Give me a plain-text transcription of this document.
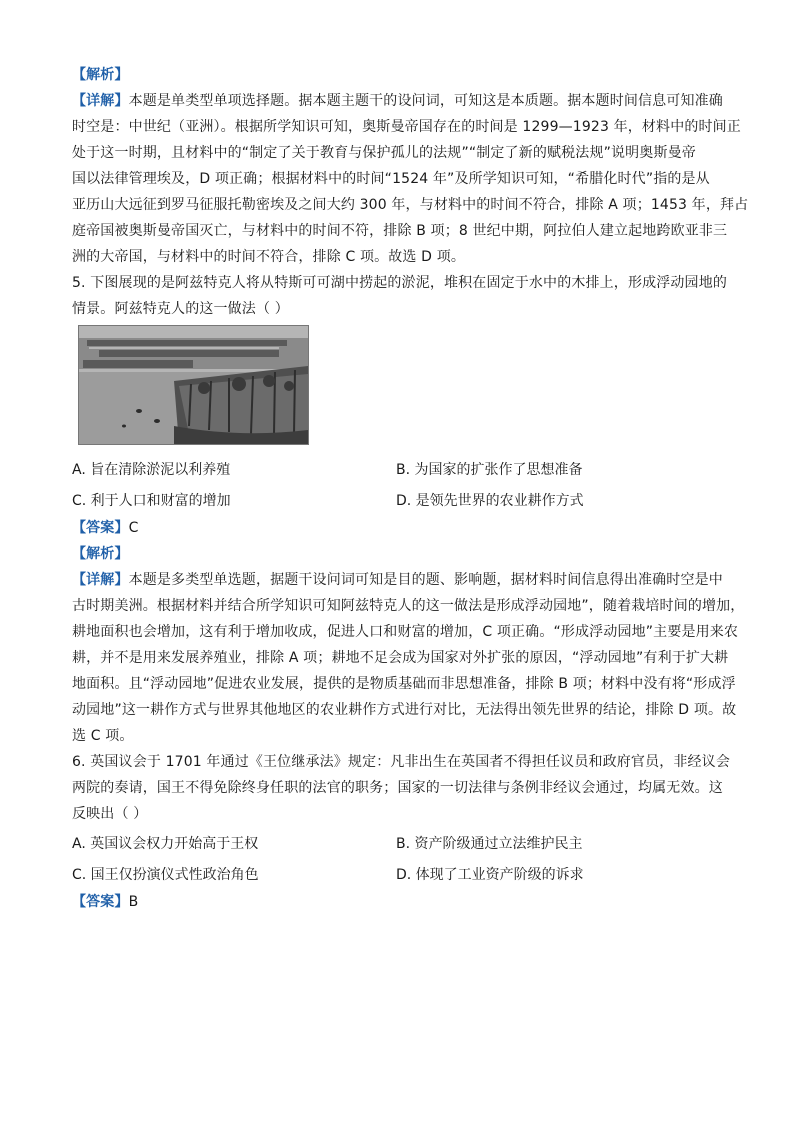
【解析】
【详解】本题是单类型单项选择题。据本题主题干的设问词，可知这是本质题。据本题时间信息可知准确
时空是：中世纪（亚洲）。根据所学知识可知，奥斯曼帝国存在的时间是 1299—1923 年，材料中的时间正
处于这一时期，且材料中的“制定了关于教育与保护孤儿的法规”“制定了新的赋税法规”说明奥斯曼帝
国以法律管理埃及，D 项正确；根据材料中的时间“1524 年”及所学知识可知，“希腊化时代”指的是从
亚历山大远征到罗马征服托勒密埃及之间大约 300 年，与材料中的时间不符合，排除 A 项；1453 年，拜占
庭帝国被奥斯曼帝国灭亡，与材料中的时间不符，排除 B 项；8 世纪中期，阿拉伯人建立起地跨欧亚非三
洲的大帝国，与材料中的时间不符合，排除 C 项。故选 D 项。
5. 下图展现的是阿兹特克人将从特斯可可湖中捞起的淤泥，堆积在固定于水中的木排上，形成浮动园地的
情景。阿兹特克人的这一做法（ ）
A. 旨在清除淤泥以利养殖	B. 为国家的扩张作了思想准备
C. 利于人口和财富的增加	D. 是领先世界的农业耕作方式
【答案】C
【解析】
【详解】本题是多类型单选题，据题干设问词可知是目的题、影响题，据材料时间信息得出准确时空是中
古时期美洲。根据材料并结合所学知识可知阿兹特克人的这一做法是形成浮动园地”，随着栽培时间的增加，
耕地面积也会增加，这有利于增加收成，促进人口和财富的增加，C 项正确。“形成浮动园地”主要是用来农
耕，并不是用来发展养殖业，排除 A 项；耕地不足会成为国家对外扩张的原因，“浮动园地”有利于扩大耕
地面积。且“浮动园地”促进农业发展，提供的是物质基础而非思想准备，排除 B 项；材料中没有将“形成浮
动园地”这一耕作方式与世界其他地区的农业耕作方式进行对比，无法得出领先世界的结论，排除 D 项。故
选 C 项。
6. 英国议会于 1701 年通过《王位继承法》规定：凡非出生在英国者不得担任议员和政府官员，非经议会
两院的奏请，国王不得免除终身任职的法官的职务；国家的一切法律与条例非经议会通过，均属无效。这
反映出（ ）
A. 英国议会权力开始高于王权	B. 资产阶级通过立法维护民主
C. 国王仅扮演仪式性政治角色	D. 体现了工业资产阶级的诉求
【答案】B
